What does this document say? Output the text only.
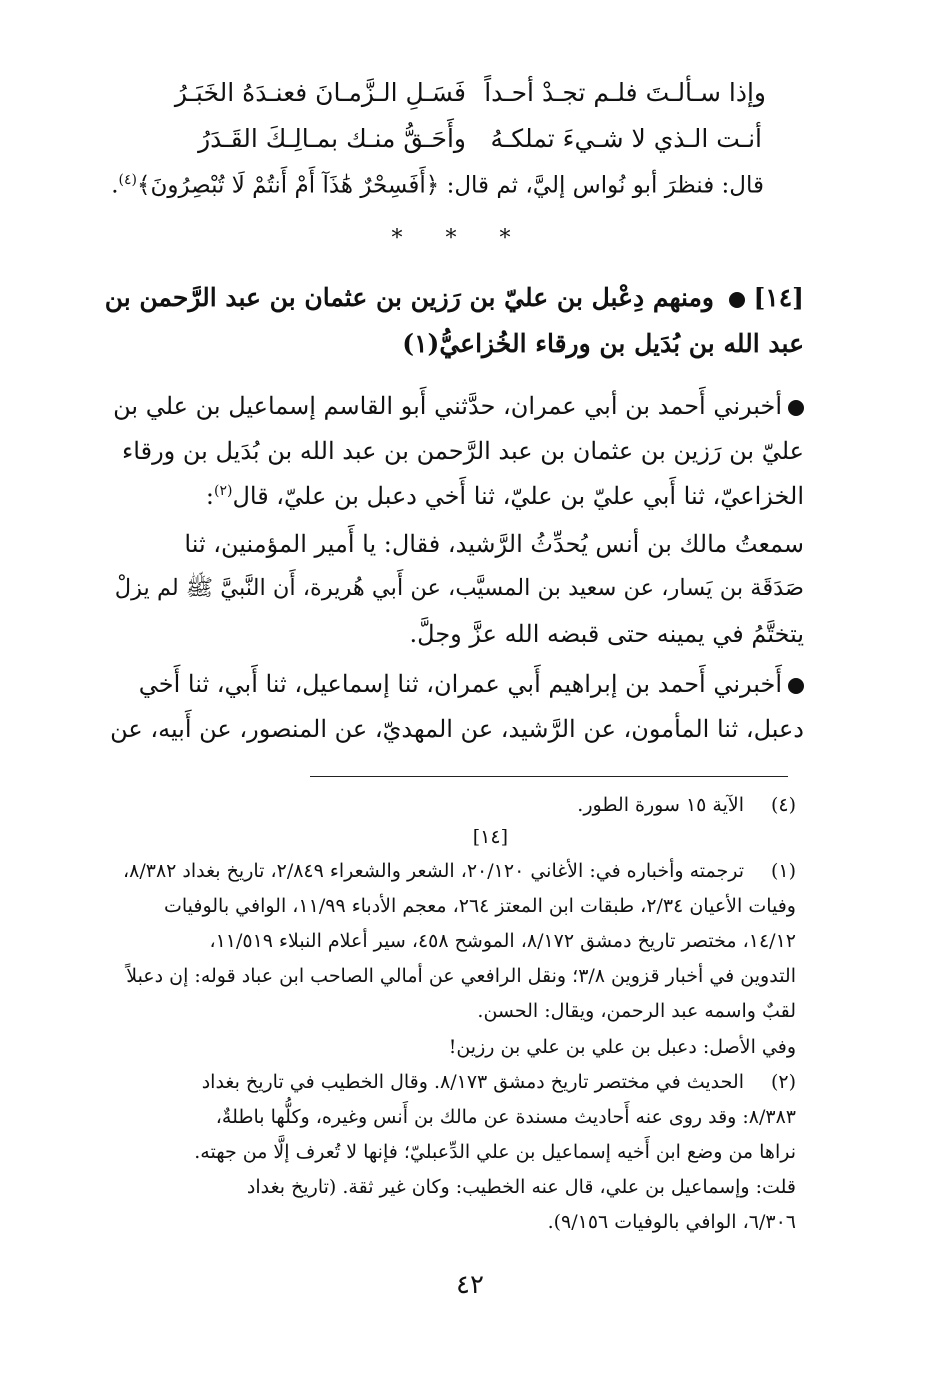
وإذا سـألـتَ فلـم تجـدْ أحـداً
فَسَـلِ الـزَّمـانَ فعنـدَهُ الخَبَـرُ
أنـت الـذي لا شـيءَ تملكـهُ
وأَحَـقُّ منـك بمـالِـكَ القَـدَرُ
قال: فنظرَ أبو نُواس إليَّ، ثم قال: ﴿أَفَسِحْرٌ هَٰذَآ أَمْ أَنتُمْ لَا تُبْصِرُونَ﴾$^{(٤)}$.
* * *
[١٤]  ومنهم دِعْبل بن عليّ بن رَزين بن عثمان بن عبد الرَّحمن بن
عبد الله بن بُدَيل بن ورقاء الخُزاعيُّ(١)
أخبرني أَحمد بن أبي عمران، حدَّثني أَبو القاسم إسماعيل بن علي بن
عليّ بن رَزين بن عثمان بن عبد الرَّحمن بن عبد الله بن بُدَيل بن ورقاء
الخزاعيّ، ثنا أَبي عليّ بن عليّ، ثنا أَخي دعبل بن عليّ، قال$^{(٢)}$:
سمعتُ مالك بن أنس يُحدِّثُ الرَّشيد، فقال: يا أَمير المؤمنين، ثنا
صَدَقَة بن يَسار، عن سعيد بن المسيَّب، عن أَبي هُريرة، أَن النَّبيَّ ﷺ لم يزلْ
يتختَّمُ في يمينه حتى قبضه الله عزَّ وجلَّ.
أَخبرني أَحمد بن إبراهيم أَبي عمران، ثنا إسماعيل، ثنا أَبي، ثنا أَخي
دعبل، ثنا المأمون، عن الرَّشيد، عن المهديّ، عن المنصور، عن أَبيه، عن
(٤)
الآية ١٥ سورة الطور.
[١٤]
(١)
ترجمته وأخباره في: الأغاني ٢٠/١٢٠، الشعر والشعراء ٢/٨٤٩، تاريخ بغداد ٨/٣٨٢،
وفيات الأعيان ٢/٣٤، طبقات ابن المعتز ٢٦٤، معجم الأدباء ١١/٩٩، الوافي بالوفيات
١٤/١٢، مختصر تاريخ دمشق ٨/١٧٢، الموشح ٤٥٨، سير أعلام النبلاء ١١/٥١٩،
التدوين في أخبار قزوين ٣/٨؛ ونقل الرافعي عن أمالي الصاحب ابن عباد قوله: إن دعبلاً
لقبٌ واسمه عبد الرحمن، ويقال: الحسن.
وفي الأصل: دعبل بن علي بن علي بن رزين!
(٢)
الحديث في مختصر تاريخ دمشق ٨/١٧٣. وقال الخطيب في تاريخ بغداد
٨/٣٨٣: وقد روى عنه أَحاديث مسندة عن مالك بن أَنس وغيره، وكلُّها باطلةٌ،
نراها من وضع ابن أَخيه إسماعيل بن علي الدِّعبليّ؛ فإنها لا تُعرف إلَّا من جهته.
قلت: وإسماعيل بن علي، قال عنه الخطيب: وكان غير ثقة. (تاريخ بغداد
٦/٣٠٦، الوافي بالوفيات ٩/١٥٦).
٤٢
